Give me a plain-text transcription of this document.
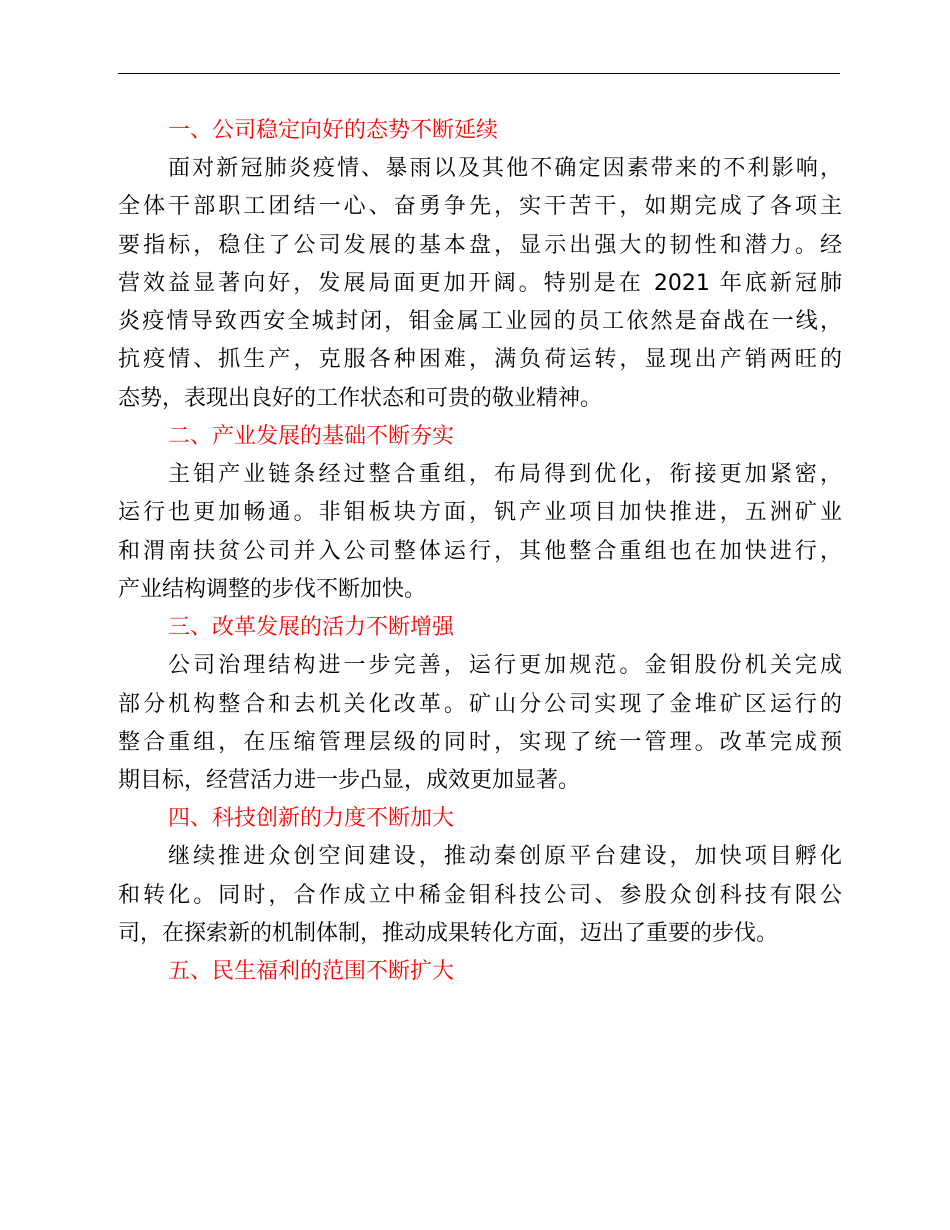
一、公司稳定向好的态势不断延续
面对新冠肺炎疫情、暴雨以及其他不确定因素带来的不利影响，
全体干部职工团结一心、奋勇争先，实干苦干，如期完成了各项主
要指标，稳住了公司发展的基本盘，显示出强大的韧性和潜力。经
营效益显著向好，发展局面更加开阔。特别是在 2021 年底新冠肺
炎疫情导致西安全城封闭，钼金属工业园的员工依然是奋战在一线，
抗疫情、抓生产，克服各种困难，满负荷运转，显现出产销两旺的
态势，表现出良好的工作状态和可贵的敬业精神。
二、产业发展的基础不断夯实
主钼产业链条经过整合重组，布局得到优化，衔接更加紧密，
运行也更加畅通。非钼板块方面，钒产业项目加快推进，五洲矿业
和渭南扶贫公司并入公司整体运行，其他整合重组也在加快进行，
产业结构调整的步伐不断加快。
三、改革发展的活力不断增强
公司治理结构进一步完善，运行更加规范。金钼股份机关完成
部分机构整合和去机关化改革。矿山分公司实现了金堆矿区运行的
整合重组，在压缩管理层级的同时，实现了统一管理。改革完成预
期目标，经营活力进一步凸显，成效更加显著。
四、科技创新的力度不断加大
继续推进众创空间建设，推动秦创原平台建设，加快项目孵化
和转化。同时，合作成立中稀金钼科技公司、参股众创科技有限公
司，在探索新的机制体制，推动成果转化方面，迈出了重要的步伐。
五、民生福利的范围不断扩大
